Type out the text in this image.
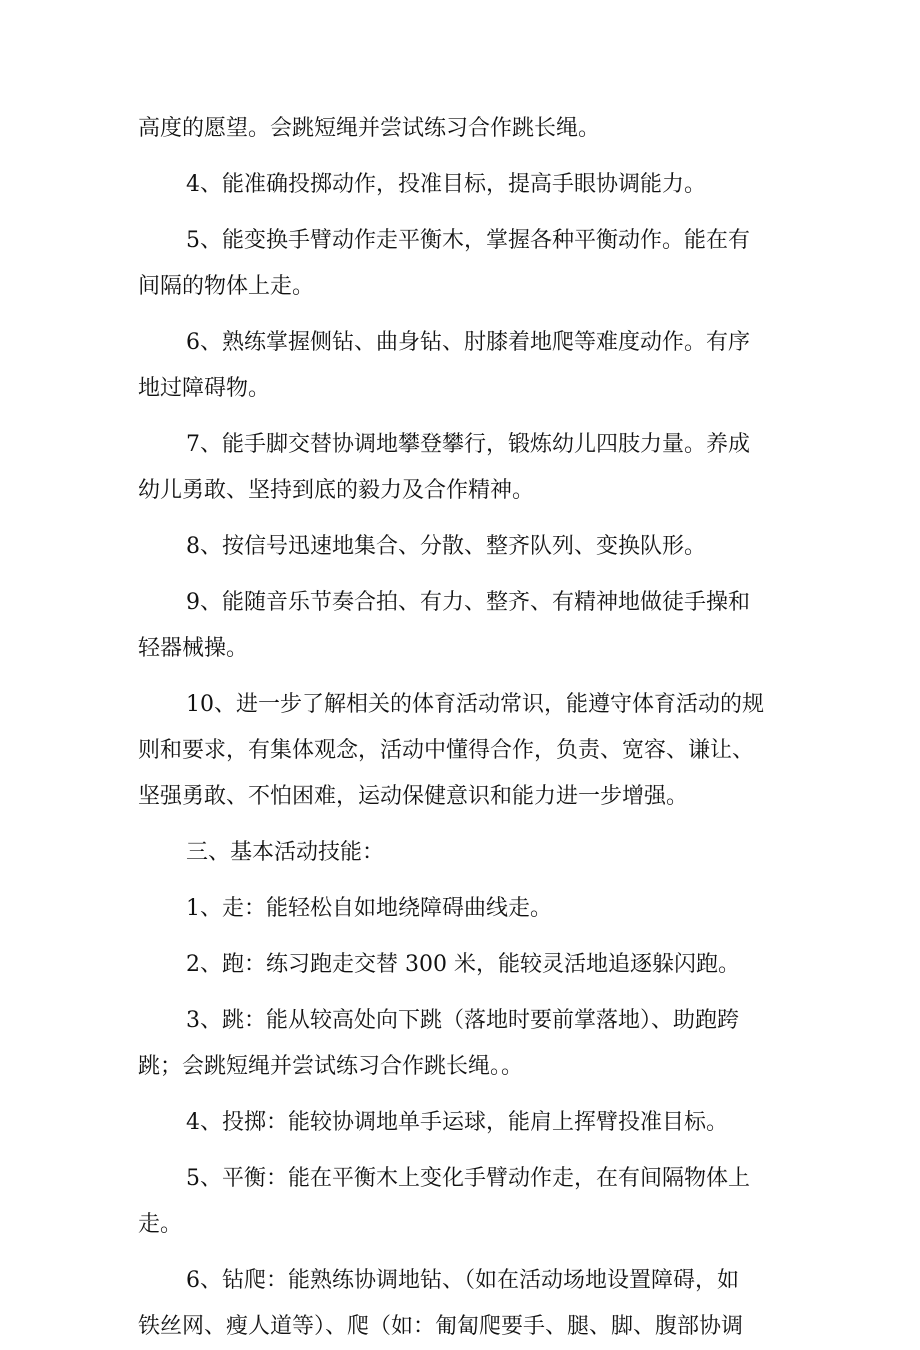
高度的愿望。会跳短绳并尝试练习合作跳长绳。
4、能准确投掷动作，投准目标，提高手眼协调能力。
5、能变换手臂动作走平衡木，掌握各种平衡动作。能在有
间隔的物体上走。
6、熟练掌握侧钻、曲身钻、肘膝着地爬等难度动作。有序
地过障碍物。
7、能手脚交替协调地攀登攀行，锻炼幼儿四肢力量。养成
幼儿勇敢、坚持到底的毅力及合作精神。
8、按信号迅速地集合、分散、整齐队列、变换队形。
9、能随音乐节奏合拍、有力、整齐、有精神地做徒手操和
轻器械操。
10、进一步了解相关的体育活动常识，能遵守体育活动的规
则和要求，有集体观念，活动中懂得合作，负责、宽容、谦让、
坚强勇敢、不怕困难，运动保健意识和能力进一步增强。
三、基本活动技能：
1、走：能轻松自如地绕障碍曲线走。
2、跑：练习跑走交替 300 米，能较灵活地追逐躲闪跑。
3、跳：能从较高处向下跳（落地时要前掌落地）、助跑跨
跳；会跳短绳并尝试练习合作跳长绳。。
4、投掷：能较协调地单手运球，能肩上挥臂投准目标。
5、平衡：能在平衡木上变化手臂动作走，在有间隔物体上
走。
6、钻爬：能熟练协调地钻、（如在活动场地设置障碍，如
铁丝网、瘦人道等）、爬（如：匍匐爬要手、腿、脚、腹部协调
